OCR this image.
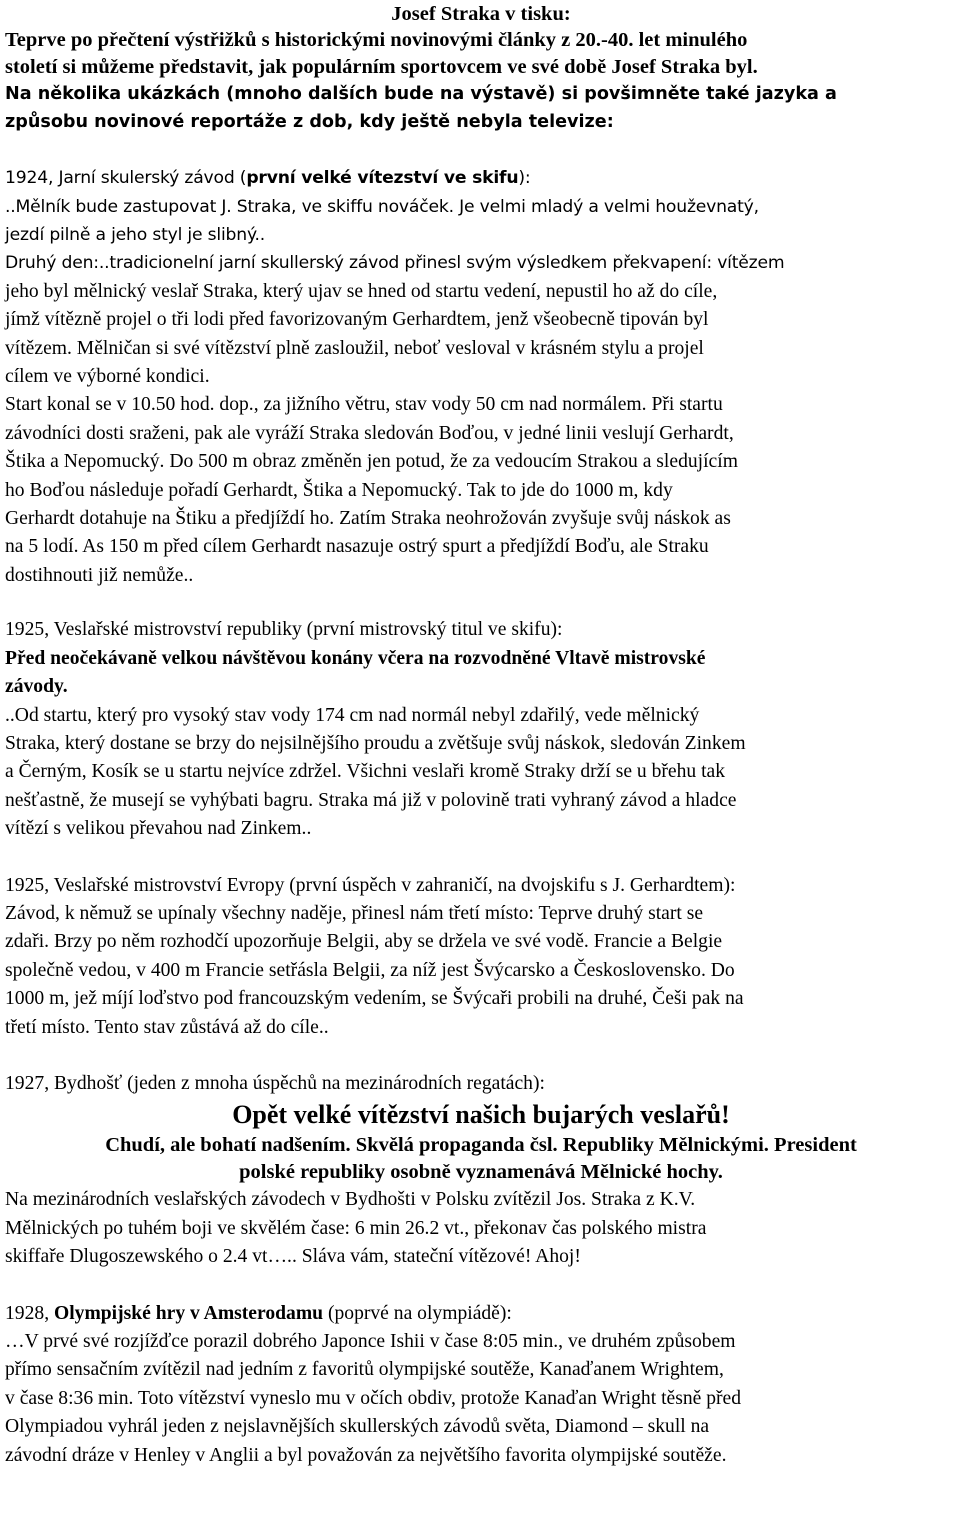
Josef Straka v tisku:

Teprve po přečtení výstřižků s historickými novinovými články z 20.-40. let minulého

století si můžeme představit, jak populárním sportovcem ve své době Josef Straka byl.

Na několika ukázkách (mnoho dalších bude na výstavě) si povšimněte také jazyka a

způsobu novinové reportáže z dob, kdy ještě nebyla televize:

1924, Jarní skulerský závod (první velké vítezství ve skifu):

..Mělník bude zastupovat J. Straka, ve skiffu nováček. Je velmi mladý a velmi houževnatý,

jezdí pilně a jeho styl je slibný..

Druhý den:..tradicionelní jarní skullerský závod přinesl svým výsledkem překvapení: vítězem

jeho byl mělnický veslař Straka, který ujav se hned od startu vedení, nepustil ho až do cíle,

jímž vítězně projel o tři lodi před favorizovaným Gerhardtem, jenž všeobecně tipován byl

vítězem. Mělničan si své vítězství plně zasloužil, neboť vesloval v krásném stylu a projel

cílem ve výborné kondici.

Start konal se v 10.50 hod. dop., za jižního větru, stav vody 50 cm nad normálem. Při startu

závodníci dosti sraženi, pak ale vyráží Straka sledován Boďou, v jedné linii veslují Gerhardt,

Štika a Nepomucký. Do 500 m obraz změněn jen potud, že za vedoucím Strakou a sledujícím

ho Boďou následuje pořadí Gerhardt, Štika a Nepomucký. Tak to jde do 1000 m, kdy

Gerhardt dotahuje na Štiku a předjíždí ho. Zatím Straka neohrožován zvyšuje svůj náskok as

na 5 lodí. As 150 m před cílem Gerhardt nasazuje ostrý spurt a předjíždí Boďu, ale Straku

dostihnouti již nemůže..

1925, Veslařské mistrovství republiky (první mistrovský titul ve skifu):

Před neočekávaně velkou návštěvou konány včera na rozvodněné Vltavě mistrovské

závody.

..Od startu, který pro vysoký stav vody 174 cm nad normál nebyl zdařilý, vede mělnický

Straka, který dostane se brzy do nejsilnějšího proudu a zvětšuje svůj náskok, sledován Zinkem

a Černým, Kosík se u startu nejvíce zdržel. Všichni veslaři kromě Straky drží se u břehu tak

nešťastně, že musejí se vyhýbati bagru. Straka má již v polovině trati vyhraný závod a hladce

vítězí s velikou převahou nad Zinkem..

1925, Veslařské mistrovství Evropy (první úspěch v zahraničí, na dvojskifu s J. Gerhardtem):

Závod, k němuž se upínaly všechny naděje, přinesl nám třetí místo: Teprve druhý start se

zdaři. Brzy po něm rozhodčí upozorňuje Belgii, aby se držela ve své vodě. Francie a Belgie

společně vedou, v 400 m Francie setřásla Belgii, za níž jest Švýcarsko a Československo. Do

1000 m, jež míjí loďstvo pod francouzským vedením, se Švýcaři probili na druhé, Češi pak na

třetí místo. Tento stav zůstává až do cíle..

1927, Bydhošť (jeden z mnoha úspěchů na mezinárodních regatách):

Opět velké vítězství našich bujarých veslařů!

Chudí, ale bohatí nadšením. Skvělá propaganda čsl. Republiky Mělnickými. President

polské republiky osobně vyznamenává Mělnické hochy.

Na mezinárodních veslařských závodech v Bydhošti v Polsku zvítězil Jos. Straka z K.V.

Mělnických po tuhém boji ve skvělém čase: 6 min 26.2 vt., překonav čas polského mistra

skiffaře Dlugoszewského o 2.4 vt….. Sláva vám, stateční vítězové! Ahoj!

1928, Olympijské hry v Amsterodamu (poprvé na olympiádě):

…V prvé své rozjížďce porazil dobrého Japonce Ishii v čase 8:05 min., ve druhém způsobem

přímo sensačním zvítězil nad jedním z favoritů olympijské soutěže, Kanaďanem Wrightem,

v čase 8:36 min. Toto vítězství vyneslo mu v očích obdiv, protože Kanaďan Wright těsně před

Olympiadou vyhrál jeden z nejslavnějších skullerských závodů světa, Diamond – skull na

závodní dráze v Henley v Anglii a byl považován za největšího favorita olympijské soutěže.
